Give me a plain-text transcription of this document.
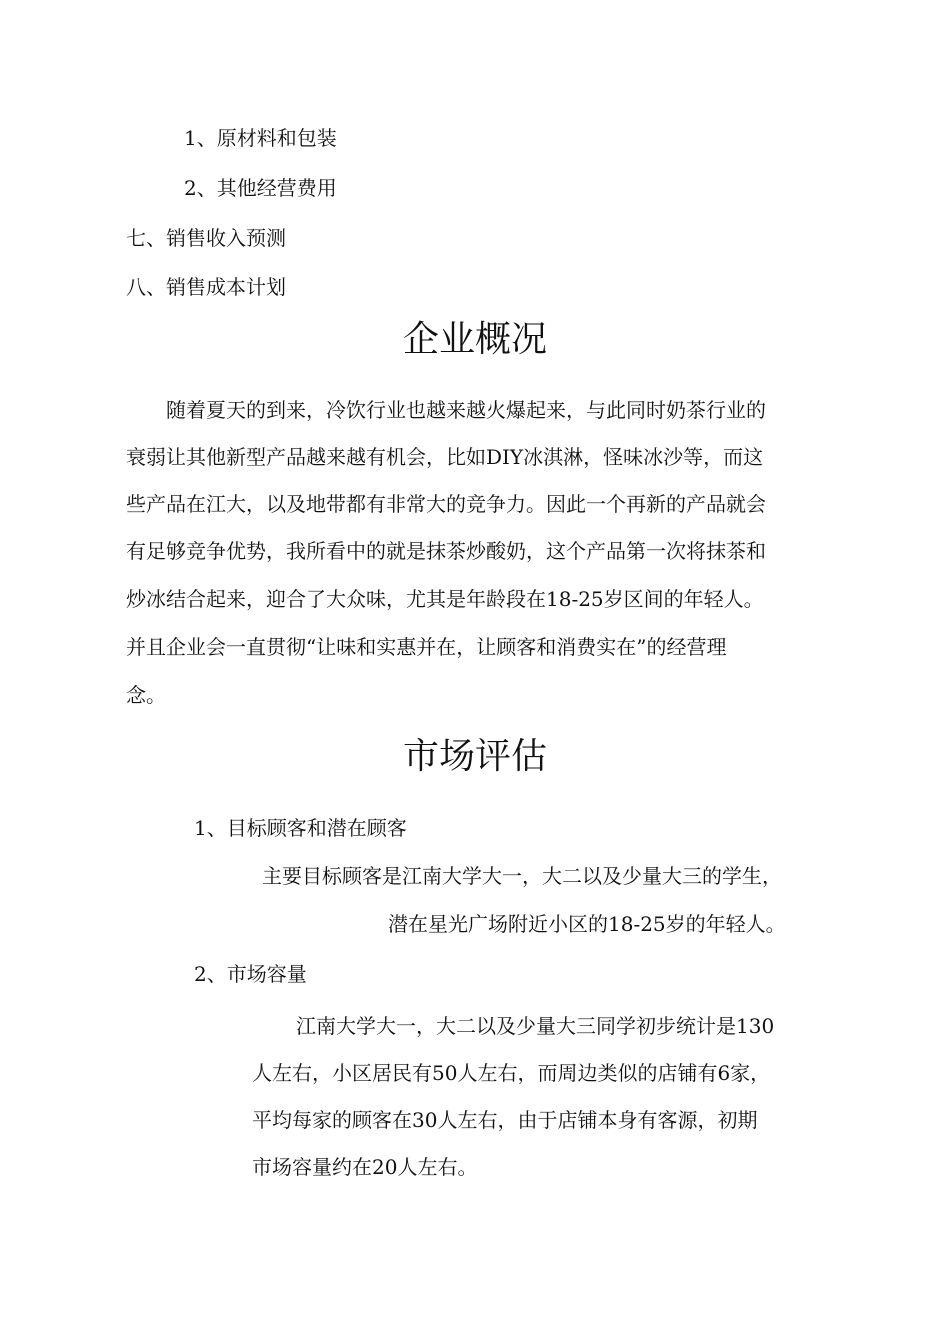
1、原材料和包装
2、其他经营费用
七、销售收入预测
八、销售成本计划
企业概况
随着夏天的到来，冷饮行业也越来越火爆起来，与此同时奶茶行业的
衰弱让其他新型产品越来越有机会，比如DIY冰淇淋，怪味冰沙等，而这
些产品在江大，以及地带都有非常大的竞争力。因此一个再新的产品就会
有足够竞争优势，我所看中的就是抹茶炒酸奶，这个产品第一次将抹茶和
炒冰结合起来，迎合了大众味，尤其是年龄段在18-25岁区间的年轻人。
并且企业会一直贯彻“让味和实惠并在，让顾客和消费实在”的经营理
念。
市场评估
1、目标顾客和潜在顾客
主要目标顾客是江南大学大一，大二以及少量大三的学生，
潜在星光广场附近小区的18-25岁的年轻人。
2、市场容量
江南大学大一，大二以及少量大三同学初步统计是130
人左右，小区居民有50人左右，而周边类似的店铺有6家，
平均每家的顾客在30人左右，由于店铺本身有客源，初期
市场容量约在20人左右。
